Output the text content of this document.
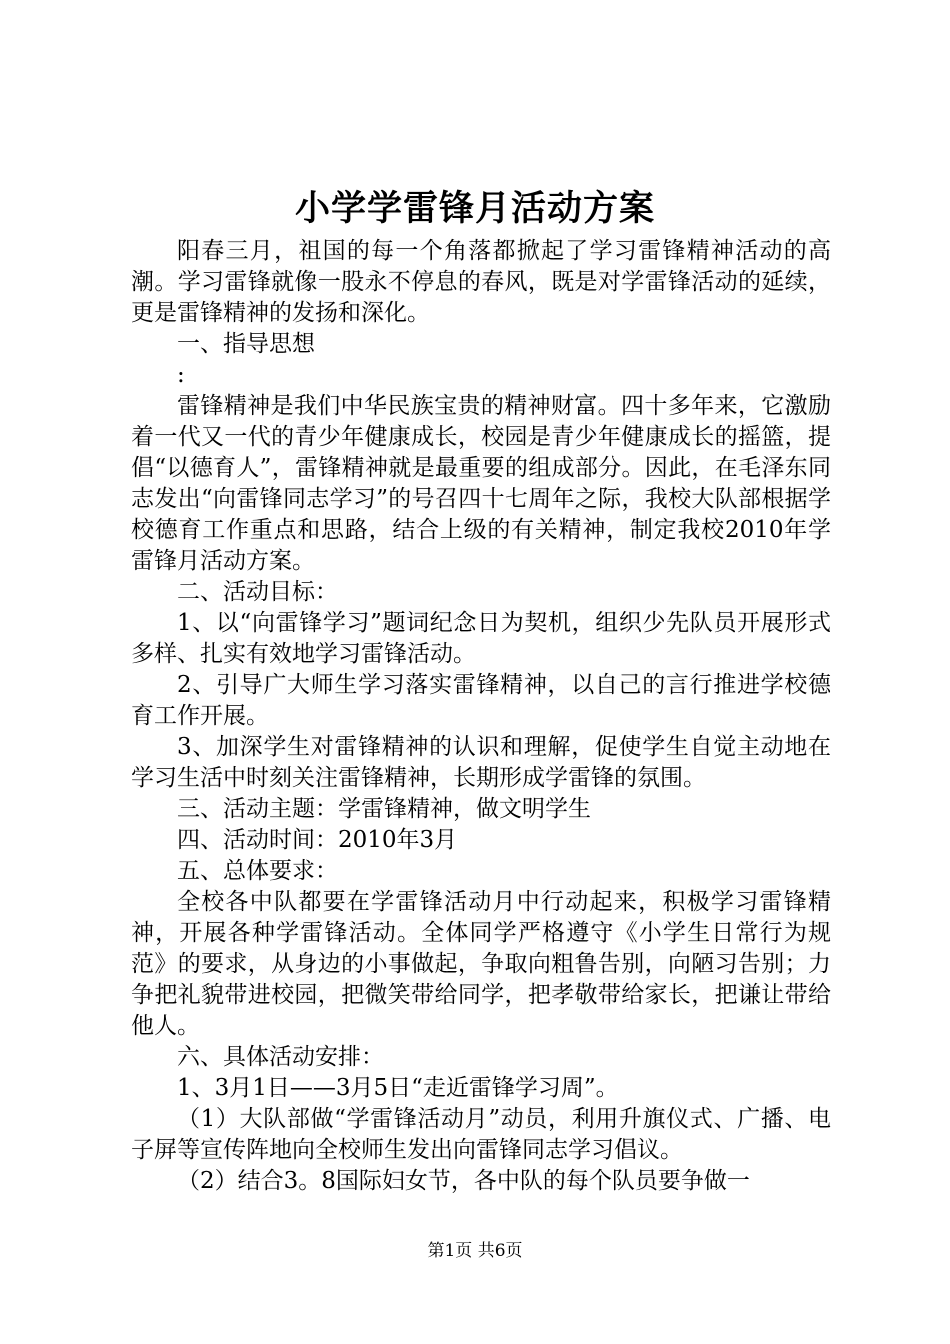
小学学雷锋月活动方案

阳春三月，祖国的每一个角落都掀起了学习雷锋精神活动的高潮。学习雷锋就像一股永不停息的春风，既是对学雷锋活动的延续，更是雷锋精神的发扬和深化。

一、指导思想

:

雷锋精神是我们中华民族宝贵的精神财富。四十多年来，它激励着一代又一代的青少年健康成长，校园是青少年健康成长的摇篮，提倡“以德育人”，雷锋精神就是最重要的组成部分。因此，在毛泽东同志发出“向雷锋同志学习”的号召四十七周年之际，我校大队部根据学校德育工作重点和思路，结合上级的有关精神，制定我校2010年学雷锋月活动方案。

二、活动目标：

1、以“向雷锋学习”题词纪念日为契机，组织少先队员开展形式多样、扎实有效地学习雷锋活动。

2、引导广大师生学习落实雷锋精神，以自己的言行推进学校德育工作开展。

3、加深学生对雷锋精神的认识和理解，促使学生自觉主动地在学习生活中时刻关注雷锋精神，长期形成学雷锋的氛围。

三、活动主题：学雷锋精神，做文明学生

四、活动时间：2010年3月

五、总体要求：

全校各中队都要在学雷锋活动月中行动起来，积极学习雷锋精神，开展各种学雷锋活动。全体同学严格遵守《小学生日常行为规范》的要求，从身边的小事做起，争取向粗鲁告别，向陋习告别；力争把礼貌带进校园，把微笑带给同学，把孝敬带给家长，把谦让带给他人。

六、具体活动安排：

1、3月1日——3月5日“走近雷锋学习周”。

（1）大队部做“学雷锋活动月”动员，利用升旗仪式、广播、电子屏等宣传阵地向全校师生发出向雷锋同志学习倡议。

（2）结合3。8国际妇女节，各中队的每个队员要争做一

第1页 共6页
